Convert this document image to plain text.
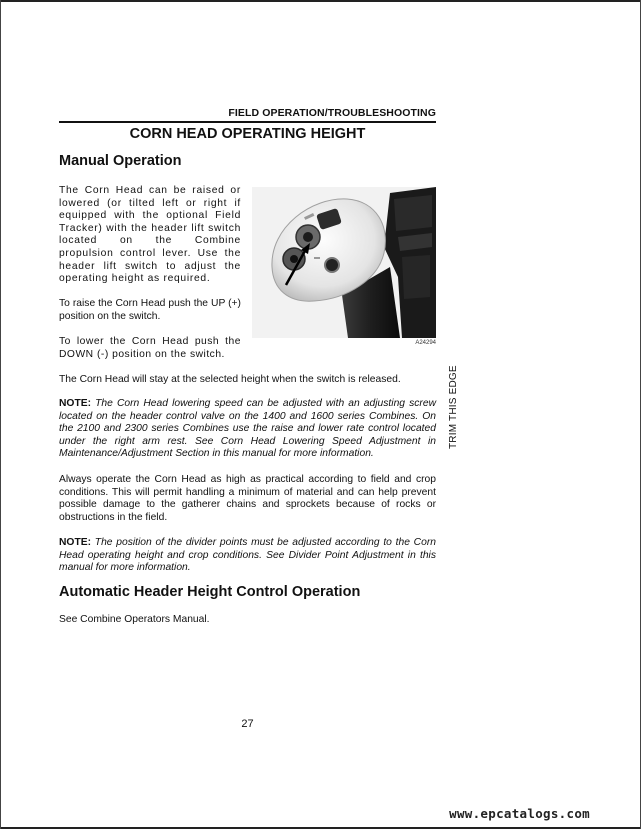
FIELD OPERATION/TROUBLESHOOTING
CORN HEAD OPERATING HEIGHT
Manual Operation

The Corn Head can be raised or lowered (or tilted left or right if equipped with the optional Field Tracker) with the header lift switch located on the Combine propulsion control lever. Use the header lift switch to adjust the operating height as required.

To raise the Corn Head push the UP (+) position on the switch.

To lower the Corn Head push the DOWN (-) position on the switch.

A24294

The Corn Head will stay at the selected height when the switch is released.

NOTE: The Corn Head lowering speed can be adjusted with an adjusting screw located on the header control valve on the 1400 and 1600 series Combines. On the 2100 and 2300 series Combines use the raise and lower rate control located under the right arm rest. See Corn Head Lowering Speed Adjustment in Maintenance/Adjustment Section in this manual for more information.

Always operate the Corn Head as high as practical according to field and crop conditions. This will permit handling a minimum of material and can help prevent possible damage to the gatherer chains and sprockets because of rocks or obstructions in the field.

NOTE: The position of the divider points must be adjusted according to the Corn Head operating height and crop conditions. See Divider Point Adjustment in this manual for more information.

Automatic Header Height Control Operation

See Combine Operators Manual.

TRIM THIS EDGE
27
www.epcatalogs.com
